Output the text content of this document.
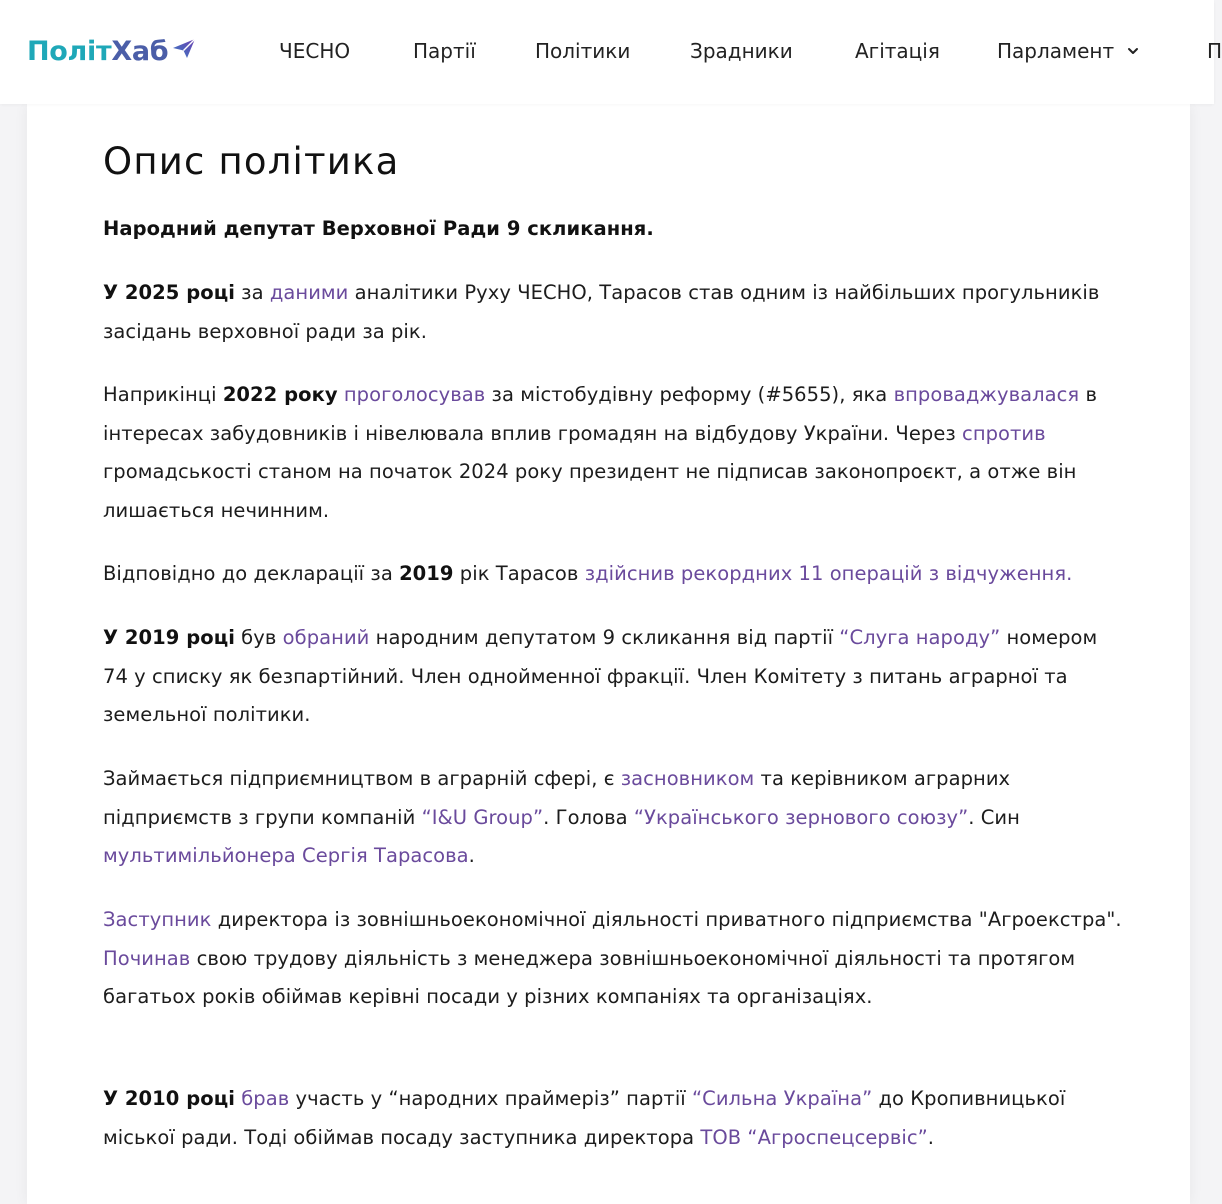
Політ Хаб	ЧЕСНО	Партії	Політики	Зрадники	Агітація	Парламент	П
Опис політика
Народний депутат Верховної Ради 9 скликання.
У 2025 році за даними аналітики Руху ЧЕСНО, Тарасов став одним із найбільших прогульників засідань верховної ради за рік.
Наприкінці 2022 року проголосував за містобудівну реформу (#5655), яка впроваджувалася в інтересах забудовників і нівелювала вплив громадян на відбудову України. Через спротив громадськості станом на початок 2024 року президент не підписав законопроєкт, а отже він лишається нечинним.
Відповідно до декларації за 2019 рік Тарасов здійснив рекордних 11 операцій з відчуження.
У 2019 році був обраний народним депутатом 9 скликання від партії “Слуга народу” номером 74 у списку як безпартійний. Член однойменної фракції. Член Комітету з питань аграрної та земельної політики.
Займається підприємництвом в аграрній сфері, є засновником та керівником аграрних підприємств з групи компаній “I&U Group”. Голова “Українського зернового союзу”. Син мультимільйонера Сергія Тарасова.
Заступник директора із зовнішньоекономічної діяльності приватного підприємства "Агроекстра". Починав свою трудову діяльність з менеджера зовнішньоекономічної діяльності та протягом багатьох років обіймав керівні посади у різних компаніях та організаціях.
У 2010 році брав участь у “народних праймеріз” партії “Сильна Україна” до Кропивницької міської ради. Тоді обіймав посаду заступника директора ТОВ “Агроспецсервіс”.
